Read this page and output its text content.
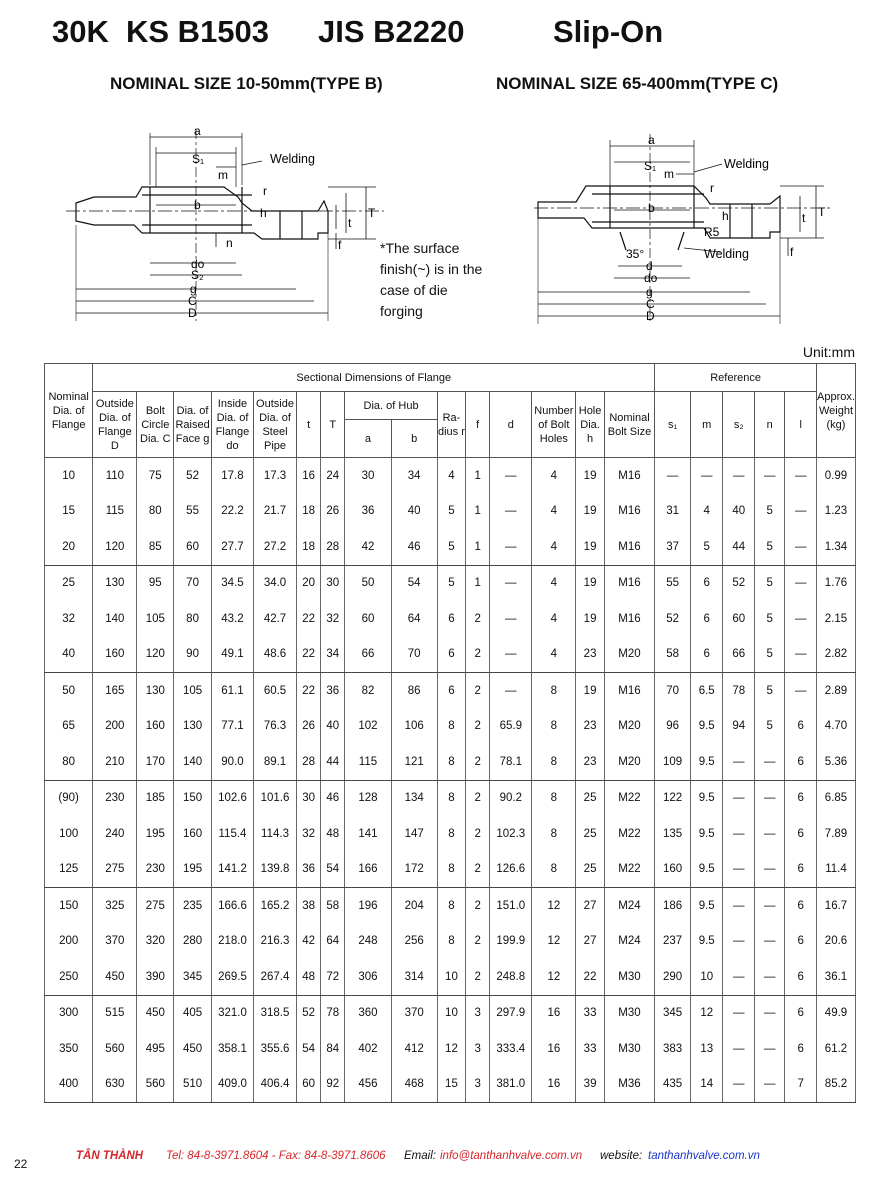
30K KS B1503 JIS B2220	Slip-On
NOMINAL SIZE 10-50mm(TYPE B)	NOMINAL SIZE 65-400mm(TYPE C)
a
S₁
m
Welding
r
b
h
t
T
n	f
do
S₂
g
C
D
*The surface finish(~) is in the case of die forging
a
S₁
m
Welding
r
b
h	t T
R5
35°	Welding
d
do
f
g
C
D
Unit:mm
Nominal Dia. of Flange	Sectional Dimensions of Flange															Reference					Approx. Weight (kg)
	Outside Dia. of Flange D	Bolt Circle Dia. C	Dia. of Raised Face g	Inside Dia. of Flange do	Outside Dia. of Steel Pipe	t	T	Dia. of Hub		Ra- dius r	f	d	Number of Bolt Holes	Hole Dia. h	Nominal Bolt Size	s₁	m	s₂	n	l	
								a	b												
10	110	75	52	17.8	17.3	16	24	30	34	4	1	—	4	19	M16	—	—	—	—	—	0.99
15	115	80	55	22.2	21.7	18	26	36	40	5	1	—	4	19	M16	31	4	40	5	—	1.23
20	120	85	60	27.7	27.2	18	28	42	46	5	1	—	4	19	M16	37	5	44	5	—	1.34
25	130	95	70	34.5	34.0	20	30	50	54	5	1	—	4	19	M16	55	6	52	5	—	1.76
32	140	105	80	43.2	42.7	22	32	60	64	6	2	—	4	19	M16	52	6	60	5	—	2.15
40	160	120	90	49.1	48.6	22	34	66	70	6	2	—	4	23	M20	58	6	66	5	—	2.82
50	165	130	105	61.1	60.5	22	36	82	86	6	2	—	8	19	M16	70	6.5	78	5	—	2.89
65	200	160	130	77.1	76.3	26	40	102	106	8	2	65.9	8	23	M20	96	9.5	94	5	6	4.70
80	210	170	140	90.0	89.1	28	44	115	121	8	2	78.1	8	23	M20	109	9.5	—	—	6	5.36
(90)	230	185	150	102.6	101.6	30	46	128	134	8	2	90.2	8	25	M22	122	9.5	—	—	6	6.85
100	240	195	160	115.4	114.3	32	48	141	147	8	2	102.3	8	25	M22	135	9.5	—	—	6	7.89
125	275	230	195	141.2	139.8	36	54	166	172	8	2	126.6	8	25	M22	160	9.5	—	—	6	11.4
150	325	275	235	166.6	165.2	38	58	196	204	8	2	151.0	12	27	M24	186	9.5	—	—	6	16.7
200	370	320	280	218.0	216.3	42	64	248	256	8	2	199.9	12	27	M24	237	9.5	—	—	6	20.6
250	450	390	345	269.5	267.4	48	72	306	314	10	2	248.8	12	22	M30	290	10	—	—	6	36.1
300	515	450	405	321.0	318.5	52	78	360	370	10	3	297.9	16	33	M30	345	12	—	—	6	49.9
350	560	495	450	358.1	355.6	54	84	402	412	12	3	333.4	16	33	M30	383	13	—	—	6	61.2
400	630	560	510	409.0	406.4	60	92	456	468	15	3	381.0	16	39	M36	435	14	—	—	7	85.2
22
TÂN THÀNH Tel: 84-8-3971.8604 - Fax: 84-8-3971.8606 Email: info@tanthanhvalve.com.vn website: tanthanhvalve.com.vn
